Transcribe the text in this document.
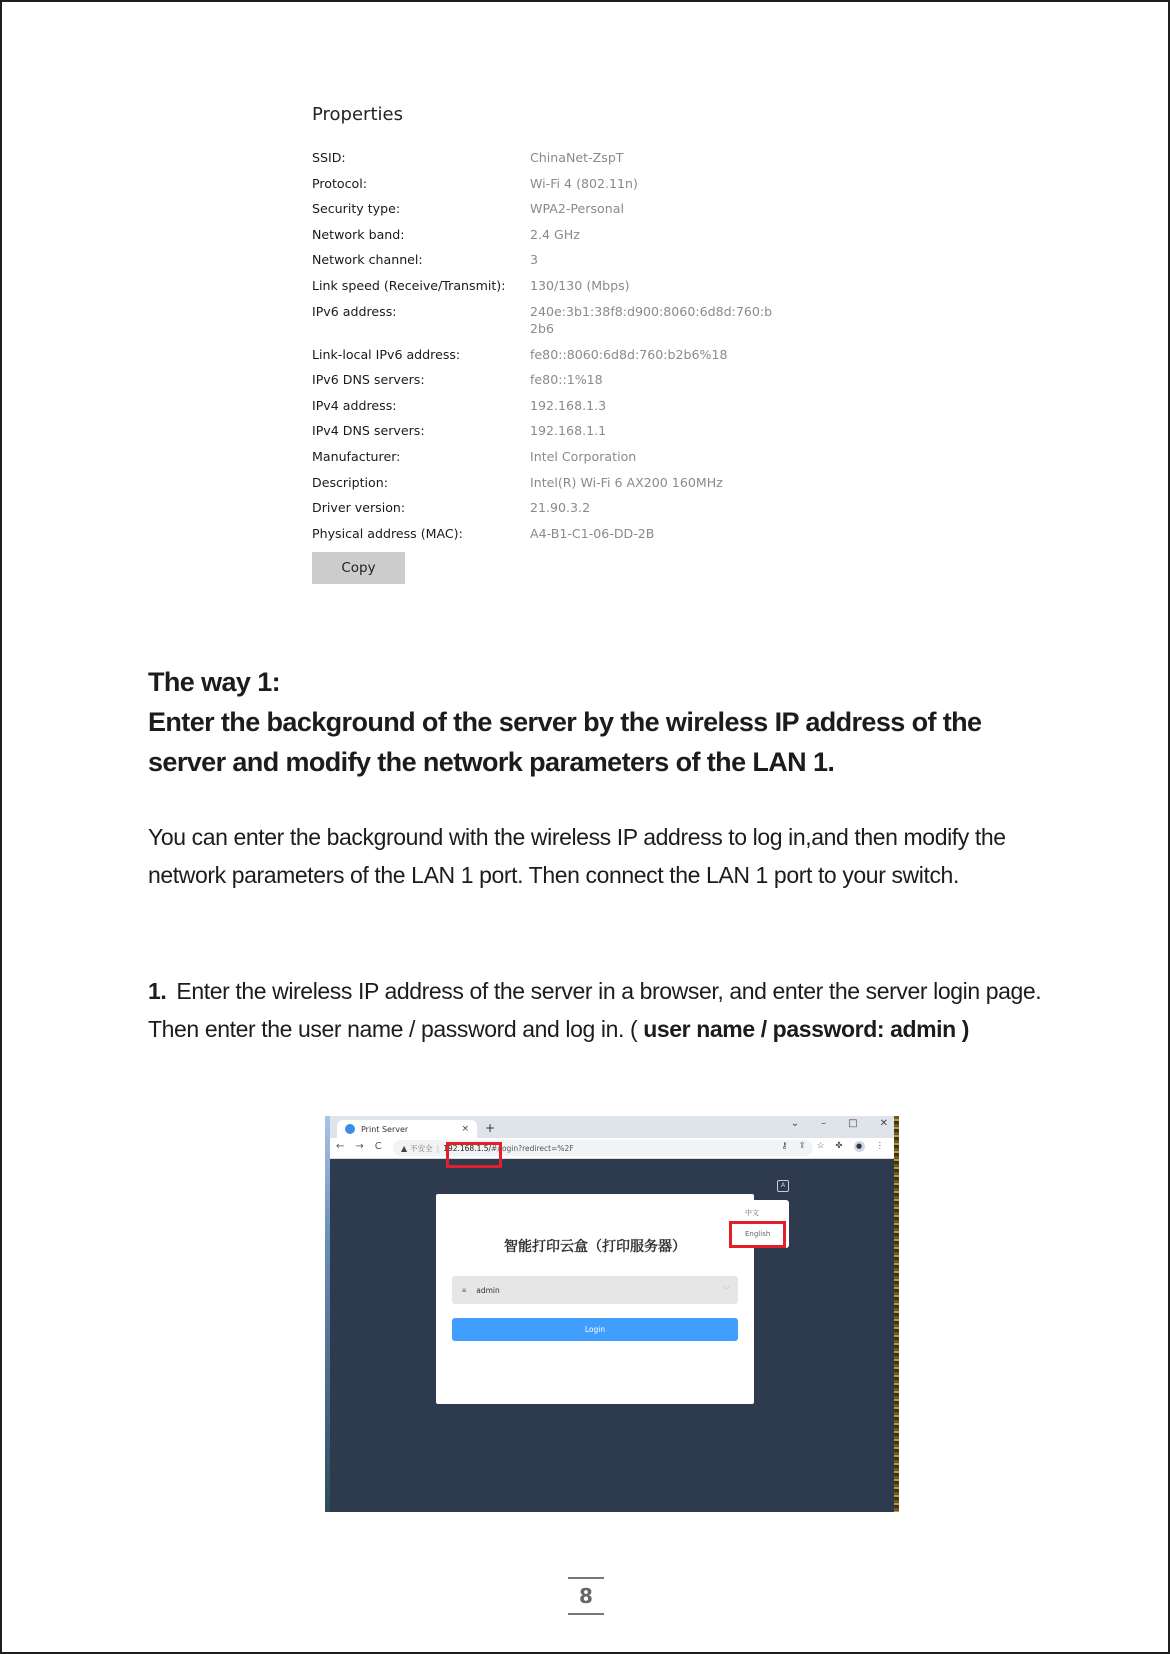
Properties
SSID:	ChinaNet-ZspT
Protocol:	Wi-Fi 4 (802.11n)
Security type:	WPA2-Personal
Network band:	2.4 GHz
Network channel:	3
Link speed (Receive/Transmit):	130/130 (Mbps)
IPv6 address:	240e:3b1:38f8:d900:8060:6d8d:760:b2b6
Link-local IPv6 address:	fe80::8060:6d8d:760:b2b6%18
IPv6 DNS servers:	fe80::1%18
IPv4 address:	192.168.1.3
IPv4 DNS servers:	192.168.1.1
Manufacturer:	Intel Corporation
Description:	Intel(R) Wi-Fi 6 AX200 160MHz
Driver version:	21.90.3.2
Physical address (MAC):	A4-B1-C1-06-DD-2B
Copy
The way 1:
Enter the background of the server by the wireless IP address of the server and modify the network parameters of the LAN 1.
You can enter the background with the wireless IP address to log in,and then modify the network parameters of the LAN 1 port. Then connect the LAN 1 port to your switch.
1. Enter the wireless IP address of the server in a browser, and enter the server login page. Then enter the user name / password and log in. ( user name / password: admin )
Print Server	× +	⌄ – □ ✕
← → C ▲ 不安全 | 192.168.1.5/ #/login?redirect=%2F	⚷ ⇪ ☆ ✤	● ⋮
智能打印云盒（打印服务器）
🔒︎ admin	﹀
Login
A
中文
English
8
